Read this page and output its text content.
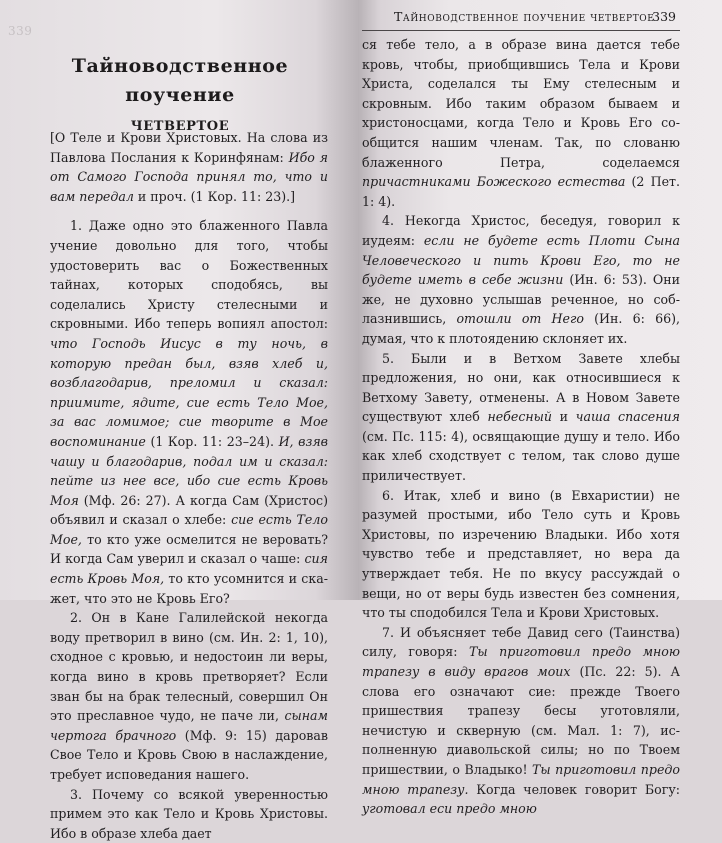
339
Тайноводственное поучение
четвертое

[О Теле и Крови Христовых. На слова из Павлова Послания к Коринфянам: Ибо я от Самого Господа принял то, что и вам передал и проч. (1 Кор. 11: 23).]

1. Даже одно это блаженного Павла учение довольно для того, чтобы удостоверить вас о Божественных тайнах, которых сподобясь, вы соделались Христу стелесными и скровными. Ибо теперь вопиял апостол: что Господь Иисус в ту ночь, в которую предан был, взяв хлеб и, возблагодарив, преломил и сказал: приимите, ядите, сие есть Тело Мое, за вас ломимое; сие творите в Мое воспоминание (1 Кор. 11: 23–24). И, взяв чашу и благодарив, подал им и сказал: пейте из нее все, ибо сие есть Кровь Моя (Мф. 26: 27). А когда Сам (Христос) объявил и сказал о хлебе: сие есть Тело Мое, то кто уже осмелится не веровать? И когда Сам уверил и сказал о чаше: сия есть Кровь Моя, то кто усомнится и скажет, что это не Кровь Его?

2. Он в Кане Галилейской некогда воду претворил в вино (см. Ин. 2: 1, 10), сходное с кровью, и недостоин ли веры, когда вино в кровь претворяет? Если зван бы на брак телесный, совершил Он это преславное чудо, не паче ли, сынам чертога брачного (Мф. 9: 15) даровав Свое Тело и Кровь Свою в наслаждение, требует исповедания нашего.

3. Почему со всякой уверенностью примем это как Тело и Кровь Христовы. Ибо в образе хлеба дает

Тайноводственное поучение четвертое
339

ся тебе тело, а в образе вина дается тебе кровь, чтобы, приобщившись Тела и Крови Христа, соделался ты Ему стелесным и скровным. Ибо таким образом бываем и христоносцами, когда Тело и Кровь Его сообщится нашим членам. Так, по слованю блаженного Петра, соделаемся причастниками Божеского естества (2 Пет. 1: 4).

4. Некогда Христос, беседуя, говорил к иудеям: если не будете есть Плоти Сына Человеческого и пить Крови Его, то не будете иметь в себе жизни (Ин. 6: 53). Они же, не духовно услышав реченное, но соблазнившись, отошли от Него (Ин. 6: 66), думая, что к плотоядению склоняет их.

5. Были и в Ветхом Завете хлебы предложения, но они, как относившиеся к Ветхому Завету, отменены. А в Новом Завете существуют хлеб небесный и чаша спасения (см. Пс. 115: 4), освящающие душу и тело. Ибо как хлеб сходствует с телом, так слово душе приличествует.

6. Итак, хлеб и вино (в Евхаристии) не разумей простыми, ибо Тело суть и Кровь Христовы, по изречению Владыки. Ибо хотя чувство тебе и представляет, но вера да утверждает тебя. Не по вкусу рассуждай о вещи, но от веры будь известен без сомнения, что ты сподобился Тела и Крови Христовых.

7. И объясняет тебе Давид сего (Таинства) силу, говоря: Ты приготовил предо мною трапезу в виду врагов моих (Пс. 22: 5). А слова его означают сие: прежде Твоего пришествия трапезу бесы уготовляли, нечистую и скверную (см. Мал. 1: 7), исполненную диавольской силы; но по Твоем пришествии, о Владыко! Ты приготовил предо мною трапезу. Когда человек говорит Богу: уготовал еси предо мною
